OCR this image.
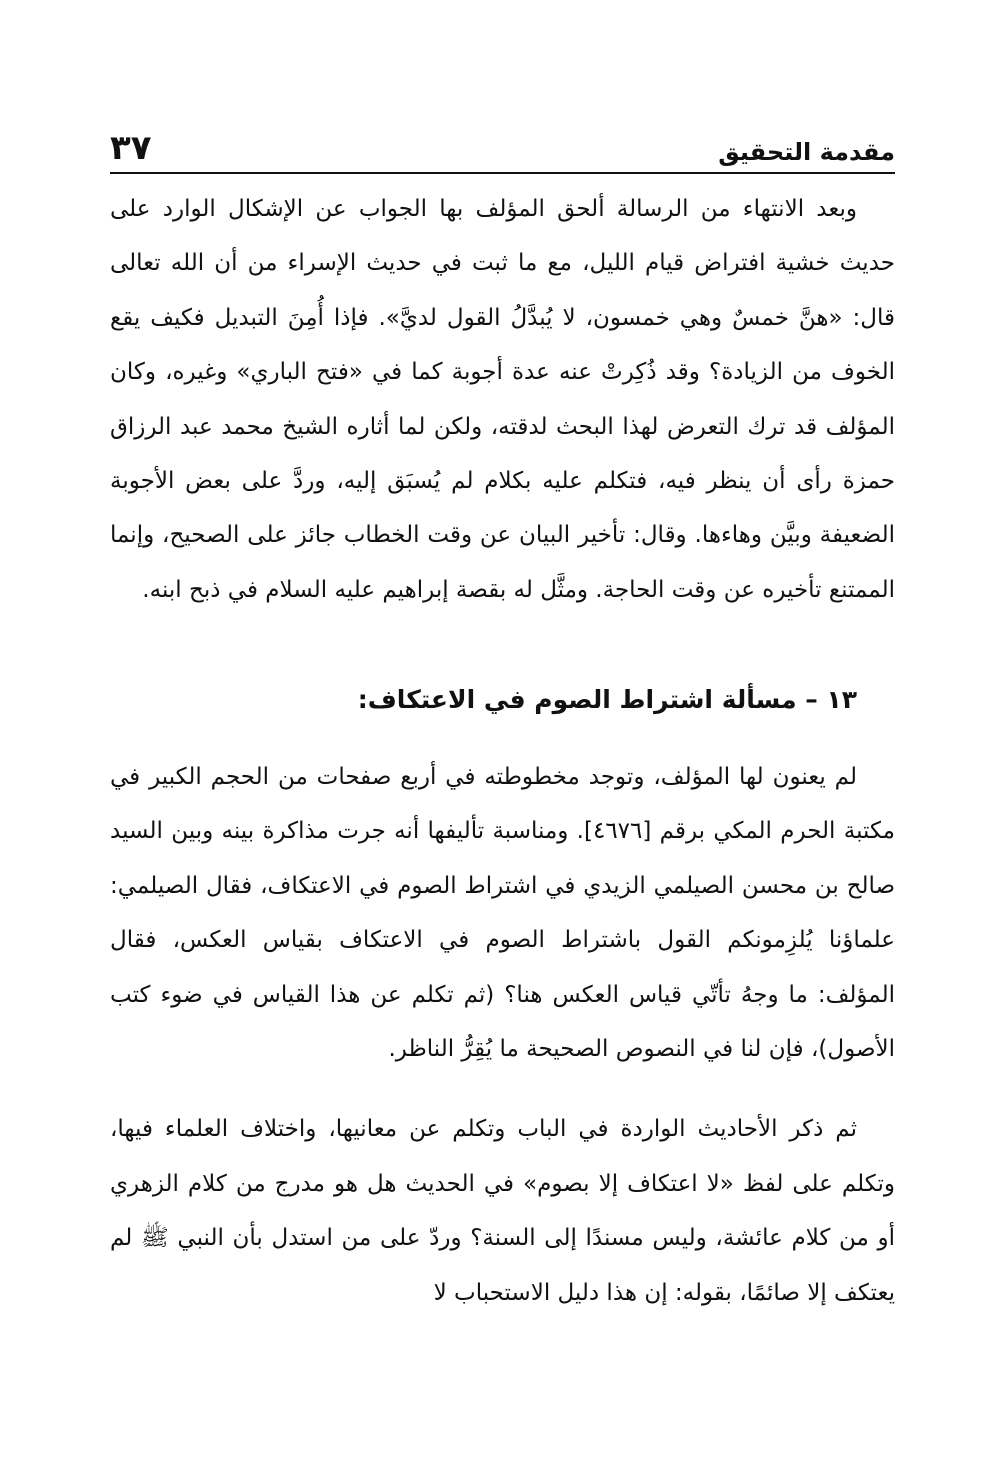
مقدمة التحقيق
٣٧

وبعد الانتهاء من الرسالة ألحق المؤلف بها الجواب عن الإشكال الوارد على حديث خشية افتراض قيام الليل، مع ما ثبت في حديث الإسراء من أن الله تعالى قال: «هنَّ خمسٌ وهي خمسون، لا يُبدَّلُ القول لديَّ». فإذا أُمِنَ التبديل فكيف يقع الخوف من الزيادة؟ وقد ذُكِرتْ عنه عدة أجوبة كما في «فتح الباري» وغيره، وكان المؤلف قد ترك التعرض لهذا البحث لدقته، ولكن لما أثاره الشيخ محمد عبد الرزاق حمزة رأى أن ينظر فيه، فتكلم عليه بكلام لم يُسبَق إليه، وردَّ على بعض الأجوبة الضعيفة وبيَّن وهاءها. وقال: تأخير البيان عن وقت الخطاب جائز على الصحيح، وإنما الممتنع تأخيره عن وقت الحاجة. ومثَّل له بقصة إبراهيم عليه السلام في ذبح ابنه.

١٣ – مسألة اشتراط الصوم في الاعتكاف:

لم يعنون لها المؤلف، وتوجد مخطوطته في أربع صفحات من الحجم الكبير في مكتبة الحرم المكي برقم [٤٦٧٦]. ومناسبة تأليفها أنه جرت مذاكرة بينه وبين السيد صالح بن محسن الصيلمي الزيدي في اشتراط الصوم في الاعتكاف، فقال الصيلمي: علماؤنا يُلزِمونكم القول باشتراط الصوم في الاعتكاف بقياس العكس، فقال المؤلف: ما وجهُ تأتّي قياس العكس هنا؟ (ثم تكلم عن هذا القياس في ضوء كتب الأصول)، فإن لنا في النصوص الصحيحة ما يُقِرُّ الناظر.

ثم ذكر الأحاديث الواردة في الباب وتكلم عن معانيها، واختلاف العلماء فيها، وتكلم على لفظ «لا اعتكاف إلا بصوم» في الحديث هل هو مدرج من كلام الزهري أو من كلام عائشة، وليس مسندًا إلى السنة؟ وردّ على من استدل بأن النبي ﷺ لم يعتكف إلا صائمًا، بقوله: إن هذا دليل الاستحباب لا
